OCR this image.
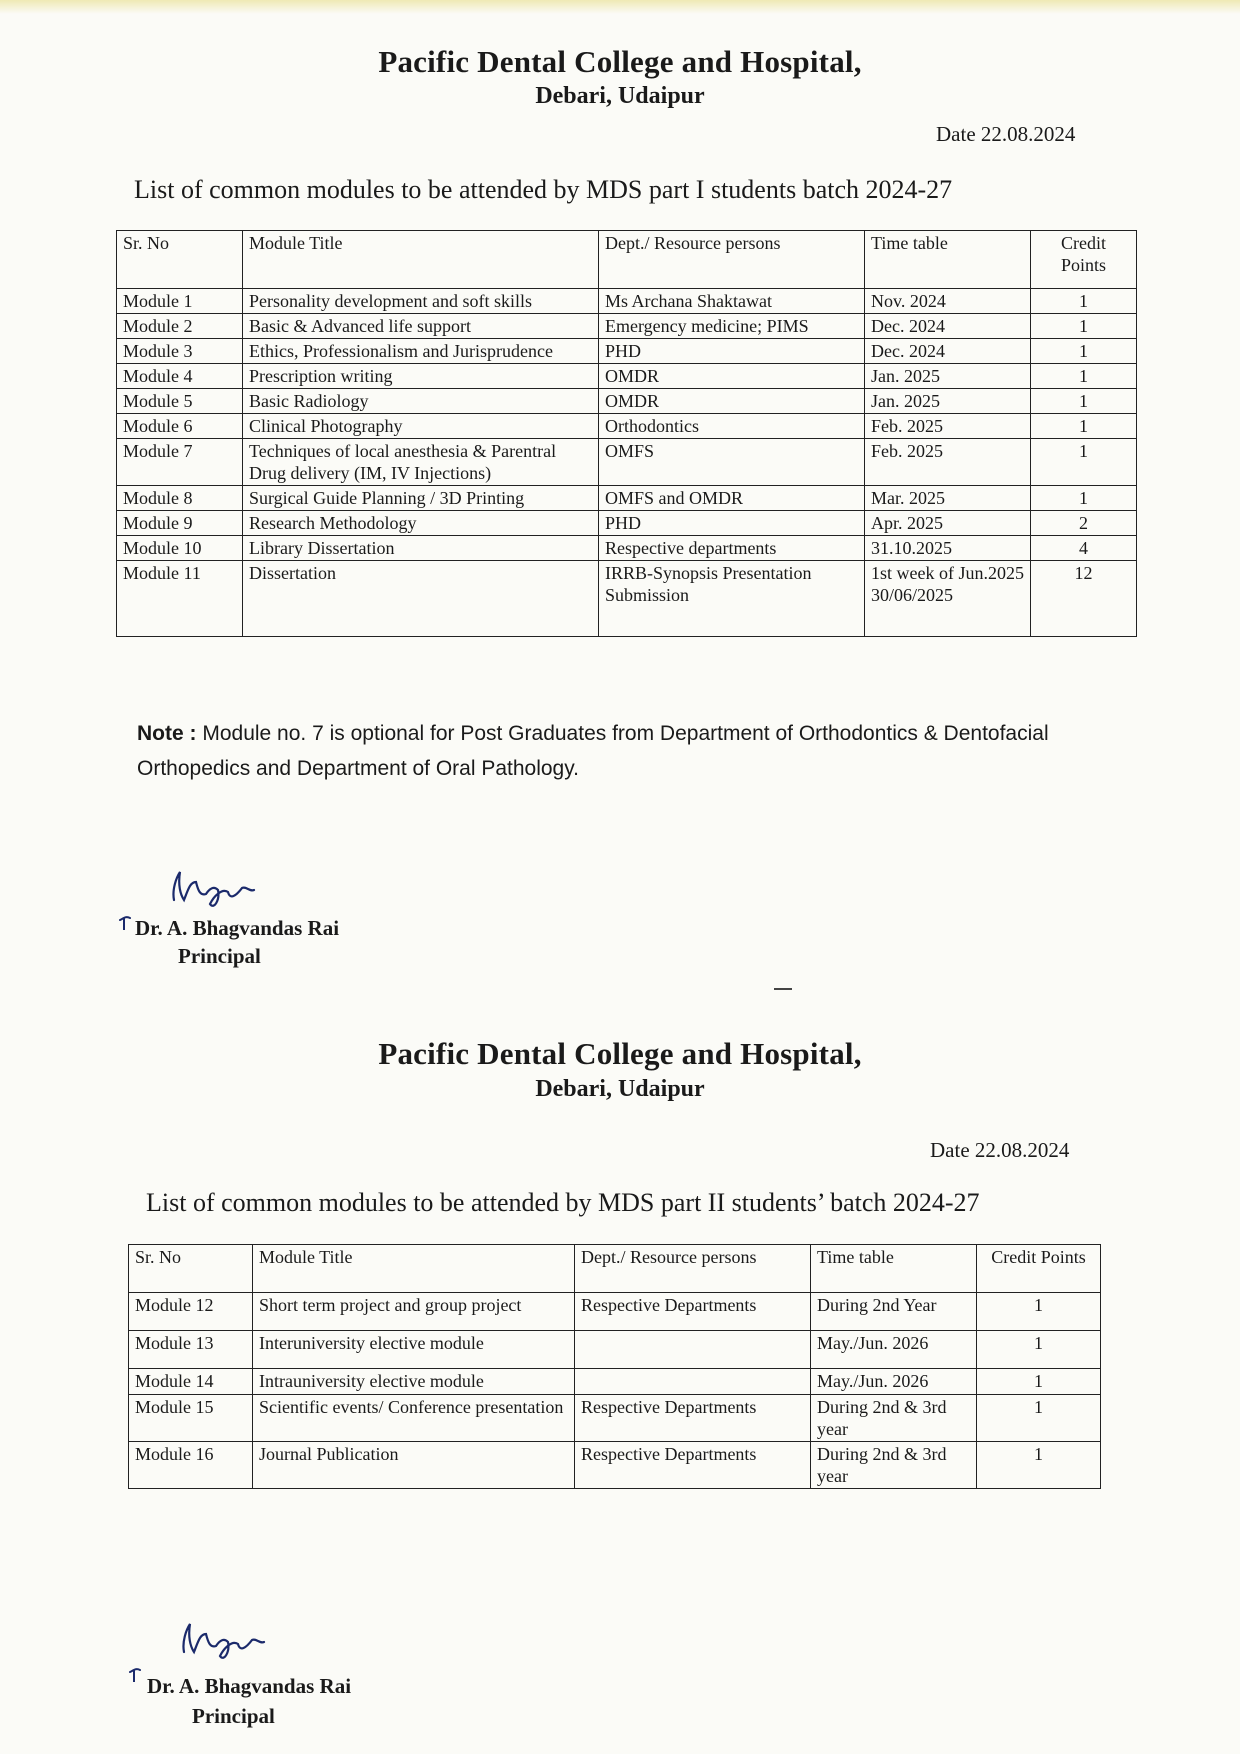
Pacific Dental College and Hospital,
Debari, Udaipur
Date 22.08.2024
List of common modules to be attended by MDS part I students batch 2024-27
Sr. No	Module Title	Dept./ Resource persons	Time table	Credit Points
Module 1	Personality development and soft skills	Ms Archana Shaktawat	Nov. 2024	1
Module 2	Basic & Advanced life support	Emergency medicine; PIMS	Dec. 2024	1
Module 3	Ethics, Professionalism and Jurisprudence	PHD	Dec. 2024	1
Module 4	Prescription writing	OMDR	Jan. 2025	1
Module 5	Basic Radiology	OMDR	Jan. 2025	1
Module 6	Clinical Photography	Orthodontics	Feb. 2025	1
Module 7	Techniques of local anesthesia & Parentral Drug delivery (IM, IV Injections)	OMFS	Feb. 2025	1
Module 8	Surgical Guide Planning / 3D Printing	OMFS and OMDR	Mar. 2025	1
Module 9	Research Methodology	PHD	Apr. 2025	2
Module 10	Library Dissertation	Respective departments	31.10.2025	4
Module 11	Dissertation	IRRB-Synopsis Presentation Submission	1st week of Jun.2025 30/06/2025	12
Note : Module no. 7 is optional for Post Graduates from Department of Orthodontics & Dentofacial Orthopedics and Department of Oral Pathology.
Dr. A. Bhagvandas Rai
Principal
Pacific Dental College and Hospital,
Debari, Udaipur
Date 22.08.2024
List of common modules to be attended by MDS part II students’ batch 2024-27
Sr. No	Module Title	Dept./ Resource persons	Time table	Credit Points
Module 12	Short term project and group project	Respective Departments	During 2nd Year	1
Module 13	Interuniversity elective module		May./Jun. 2026	1
Module 14	Intrauniversity elective module		May./Jun. 2026	1
Module 15	Scientific events/ Conference presentation	Respective Departments	During 2nd & 3rd year	1
Module 16	Journal Publication	Respective Departments	During 2nd & 3rd year	1
Dr. A. Bhagvandas Rai
Principal
